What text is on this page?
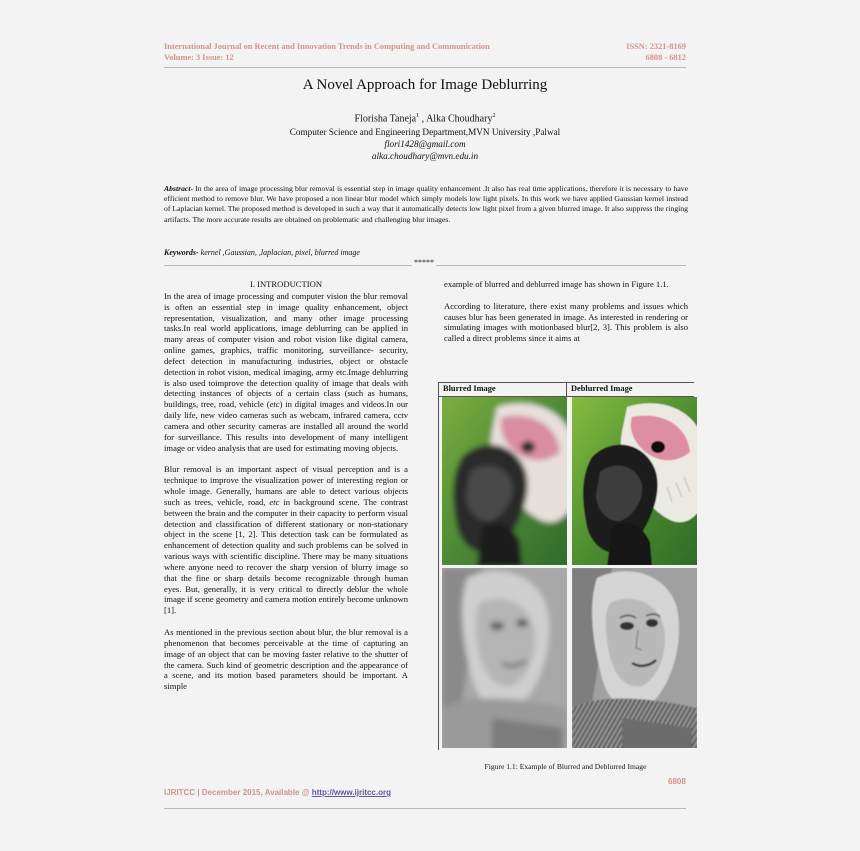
International Journal on Recent and Innovation Trends in Computing and Communication	ISSN: 2321-8169
Volume: 3 Issue: 12	6808 - 6812
A Novel Approach for Image Deblurring
Florisha Taneja$^1$ , Alka Choudhary$^2$
Computer Science and Engineering Department,MVN University ,Palwal
flori1428@gmail.com
alka.choudhary@mvn.edu.in
Abstract- In the area of image processing blur removal is essential step in image quality enhancement .It also has real time applications, therefore it is necessary to have efficient method to remove blur. We have proposed a non linear blur model which simply models low light pixels. In this work we have applied Gaussian kernel instead of Laplacian kernel. The proposed method is developed in such a way that it automatically detects low light pixel from a given blurred image. It also suppress the ringing artifacts. The more accurate results are obtained on problematic and challenging blur images.
Keywords- kernel ,Gaussian, ,laplacian, pixel, blurred image
*****
I. INTRODUCTION

In the area of image processing and computer vision the blur removal is often an essential step in image quality enhancement, object representation, visualization, and many other image processing tasks.In real world applications, image deblurring can be applied in many areas of computer vision and robot vision like digital camera, online games, graphics, traffic monitoring, surveillance- security, defect detection in manufacturing industries, object or obstacle detection in robot vision, medical imaging, army etc.Image deblurring is also used toimprove the detection quality of image that deals with detecting instances of objects of a certain class (such as humans, buildings, tree, road, vehicle (etc) in digital images and videos.In our daily life, new video cameras such as webcam, infrared camera, cctv camera and other security cameras are installed all around the world for surveillance. This results into development of many intelligent image or video analysis that are used for estimating moving objects.

Blur removal is an important aspect of visual perception and is a technique to improve the visualization power of interesting region or whole image. Generally, humans are able to detect various objects such as trees, vehicle, road, etc in background scene. The contrast between the brain and the computer in their capacity to perform visual detection and classification of different stationary or non-stationary object in the scene [1, 2]. This detection task can be formulated as enhancement of detection quality and such problems can be solved in various ways with scientific discipline. There may be many situations where anyone need to recover the sharp version of blurry image so that the fine or sharp details become recognizable through human eyes. But, generally, it is very critical to directly deblur the whole image if scene geometry and camera motion entirely become unknown [1].

As mentioned in the previous section about blur, the blur removal is a phenomenon that becomes perceivable at the time of capturing an image of an object that can be moving faster relative to the shutter of the camera. Such kind of geometric description and the appearance of a scene, and its motion based parameters should be important. A simple

example of blurred and deblurred image has shown in Figure 1.1.

According to literature, there exist many problems and issues which causes blur has been generated in image. As interested in rendering or simulating images with motionbased blur[2, 3]. This problem is also called a direct problems since it aims at

Blurred Image	Deblurred Image
Figure 1.1: Example of Blurred and Deblurred Image
6808
IJRITCC | December 2015, Available @ http://www.ijritcc.org
